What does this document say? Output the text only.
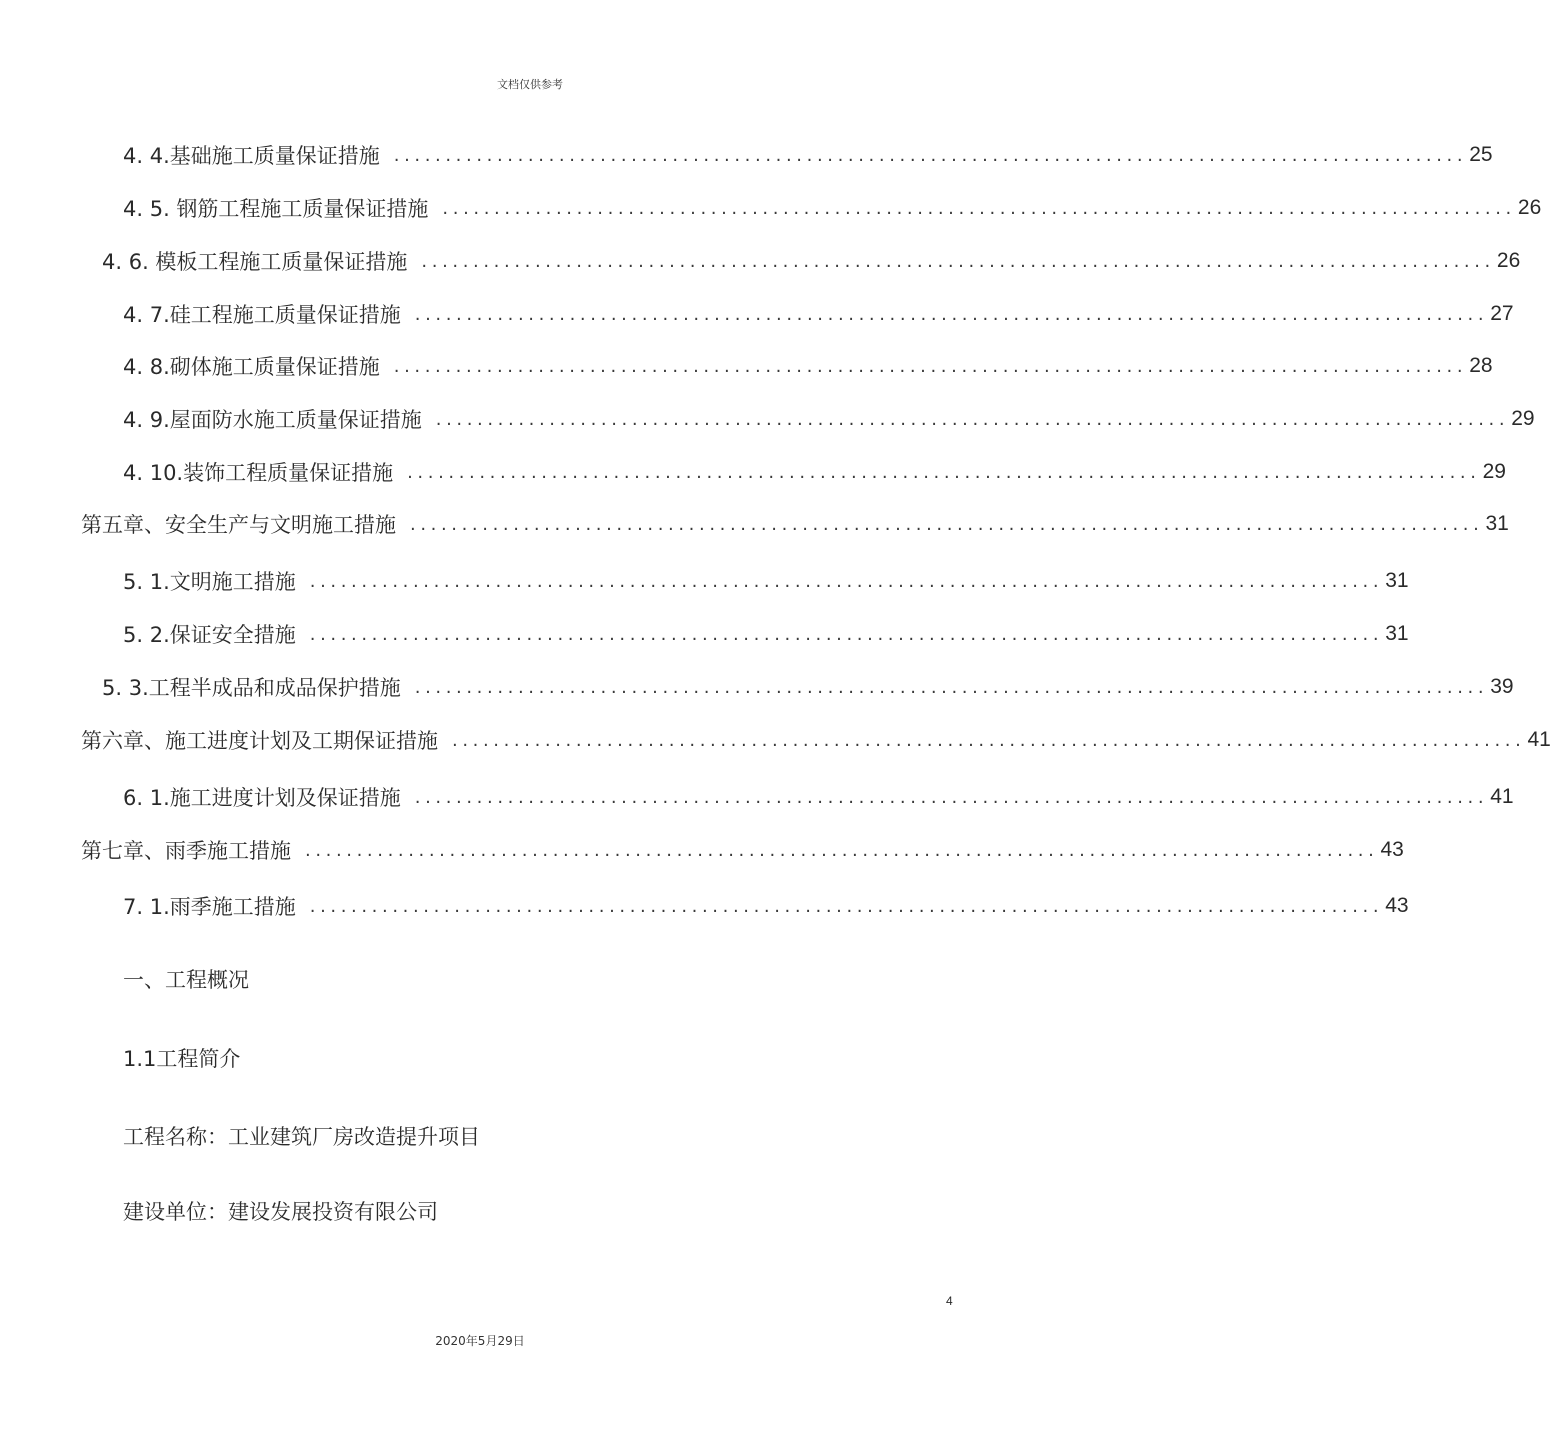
文档仅供参考
4. 4.基础施工质量保证措施 ........................................................................................................ 25
4. 5. 钢筋工程施工质量保证措施 ........................................................................................................ 26
4. 6. 模板工程施工质量保证措施 ........................................................................................................ 26
4. 7.硅工程施工质量保证措施 ........................................................................................................ 27
4. 8.砌体施工质量保证措施 ........................................................................................................ 28
4. 9.屋面防水施工质量保证措施 ........................................................................................................ 29
4. 10.装饰工程质量保证措施 ........................................................................................................ 29
第五章、安全生产与文明施工措施 ........................................................................................................ 31
5. 1.文明施工措施 ........................................................................................................ 31
5. 2.保证安全措施 ........................................................................................................ 31
5. 3.工程半成品和成品保护措施 ........................................................................................................ 39
第六章、施工进度计划及工期保证措施 ........................................................................................................ 41
6. 1.施工进度计划及保证措施 ........................................................................................................ 41
第七章、雨季施工措施 ........................................................................................................ 43
7. 1.雨季施工措施 ........................................................................................................ 43
一、工程概况
1.1工程简介
工程名称：工业建筑厂房改造提升项目
建设单位：建设发展投资有限公司
4
2020年5月29日
